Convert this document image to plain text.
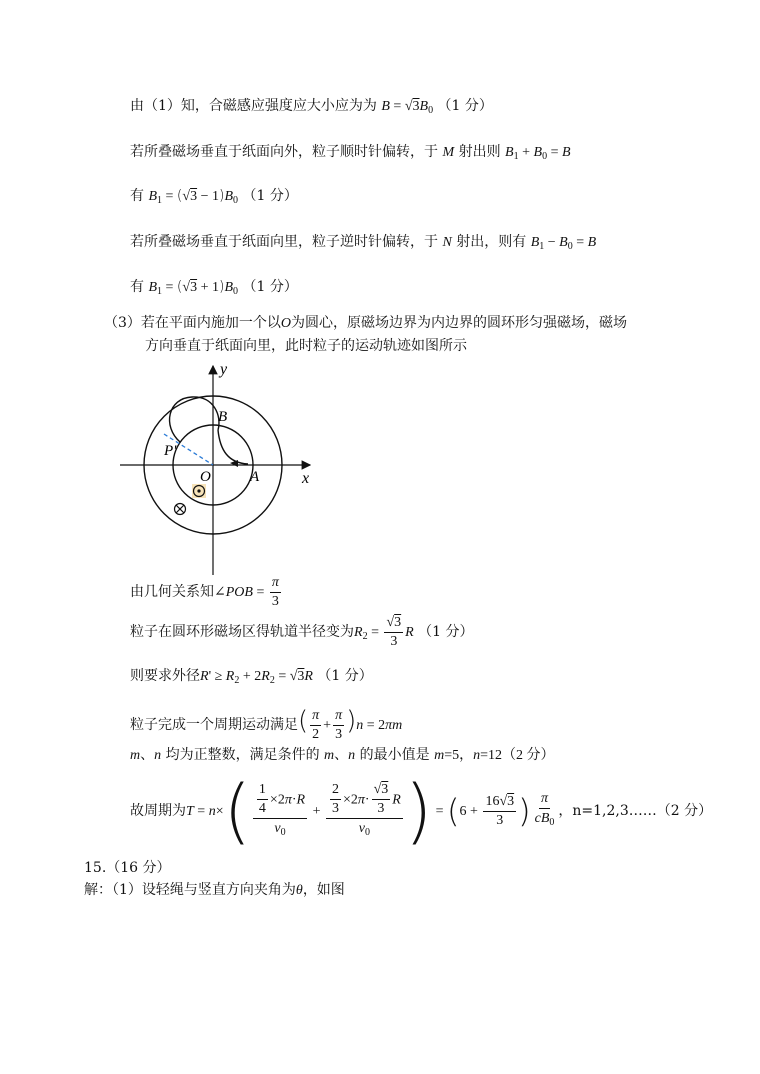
由（1）知，合磁感应强度应大小应为为 $B = √3B_0$ （1 分）
若所叠磁场垂直于纸面向外，粒子顺时针偏转，于 M 射出则 $B_1 + B_0 = B$
有 $B_1 = (√3 - 1)B_0$ （1 分）
若所叠磁场垂直于纸面向里，粒子逆时针偏转，于 N 射出，则有 $B_1 - B_0 = B$
有 $B_1 = (√3 + 1)B_0$ （1 分）
（3）若在平面内施加一个以O为圆心，原磁场边界为内边界的圆环形匀强磁场，磁场
方向垂直于纸面向里，此时粒子的运动轨迹如图所示
y
x
B
P'
O	A
由几何关系知∠POB = $\frac{\pi}{3}$
粒子在圆环形磁场区得轨道半径变为$R_2 = \frac{√3}{3}$ R （1 分）
则要求外径$R' \ge R_2 + 2R_2 = √3R$ （1 分）
粒子完成一个周期运动满足( $\frac{\pi}{2} + \frac{\pi}{3} )n = 2\pi m$
m、n 均为正整数，满足条件的 m、n 的最小值是 m=5，n=12（2 分）
故周期为$T = n\times( \frac{\frac{1}{4} \times 2\pi\cdot R}{v_0} + \frac{\frac{2}{3} \times 2\pi\cdot \frac{√3}{3} R}{v_0}$ ) = ($6 + \frac{16√3}{3}$ ) $\frac{\pi}{cB_0}$ ，n=1,2,3……（2 分）
15.（16 分）
解：（1）设轻绳与竖直方向夹角为θ，如图
